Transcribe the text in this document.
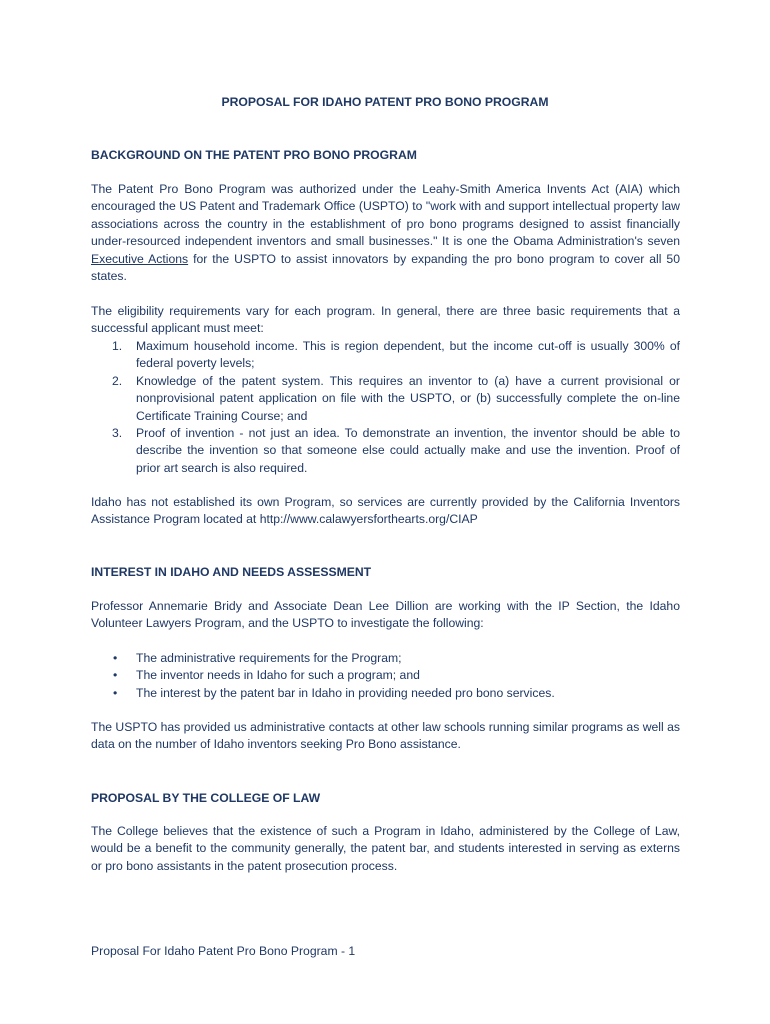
PROPOSAL FOR IDAHO PATENT PRO BONO PROGRAM
BACKGROUND ON THE PATENT PRO BONO PROGRAM

The Patent Pro Bono Program was authorized under the Leahy-Smith America Invents Act (AIA) which encouraged the US Patent and Trademark Office (USPTO) to "work with and support intellectual property law associations across the country in the establishment of pro bono programs designed to assist financially under-resourced independent inventors and small businesses." It is one the Obama Administration's seven Executive Actions for the USPTO to assist innovators by expanding the pro bono program to cover all 50 states.

The eligibility requirements vary for each program. In general, there are three basic requirements that a successful applicant must meet:

1. Maximum household income. This is region dependent, but the income cut-off is usually 300% of federal poverty levels;
2. Knowledge of the patent system. This requires an inventor to (a) have a current provisional or nonprovisional patent application on file with the USPTO, or (b) successfully complete the on-line Certificate Training Course; and
3. Proof of invention - not just an idea. To demonstrate an invention, the inventor should be able to describe the invention so that someone else could actually make and use the invention. Proof of prior art search is also required.

Idaho has not established its own Program, so services are currently provided by the California Inventors Assistance Program located at http://www.calawyersforthearts.org/CIAP

INTEREST IN IDAHO AND NEEDS ASSESSMENT

Professor Annemarie Bridy and Associate Dean Lee Dillion are working with the IP Section, the Idaho Volunteer Lawyers Program, and the USPTO to investigate the following:

• The administrative requirements for the Program;
• The inventor needs in Idaho for such a program; and
• The interest by the patent bar in Idaho in providing needed pro bono services.

The USPTO has provided us administrative contacts at other law schools running similar programs as well as data on the number of Idaho inventors seeking Pro Bono assistance.

PROPOSAL BY THE COLLEGE OF LAW

The College believes that the existence of such a Program in Idaho, administered by the College of Law, would be a benefit to the community generally, the patent bar, and students interested in serving as externs or pro bono assistants in the patent prosecution process.

Proposal For Idaho Patent Pro Bono Program - 1
